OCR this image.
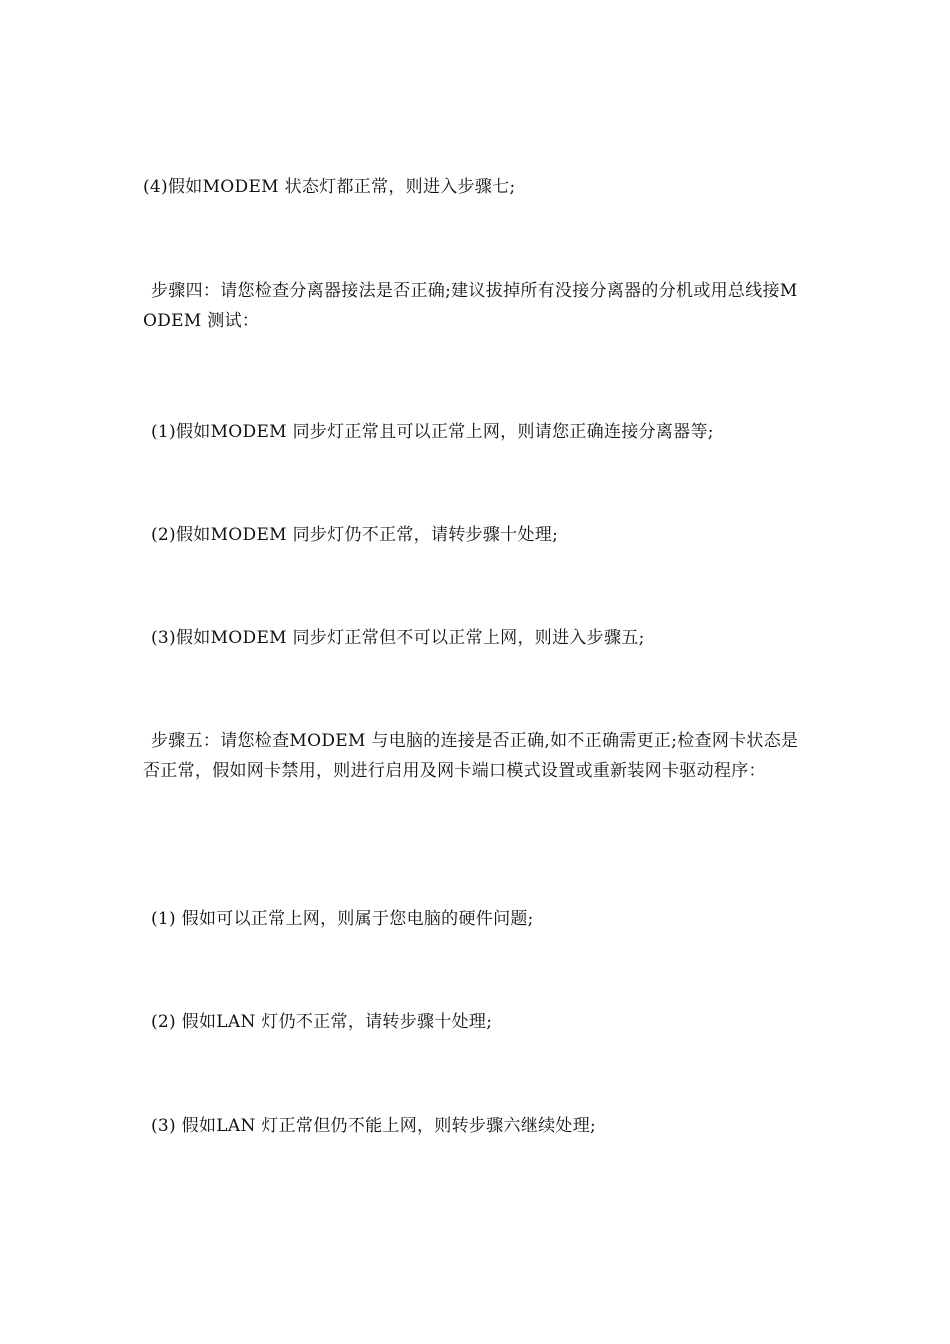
(4)假如MODEM 状态灯都正常，则进入步骤七;

步骤四：请您检查分离器接法是否正确;建议拔掉所有没接分离器的分机或用总线接MODEM 测试：

(1)假如MODEM 同步灯正常且可以正常上网，则请您正确连接分离器等;

(2)假如MODEM 同步灯仍不正常，请转步骤十处理;

(3)假如MODEM 同步灯正常但不可以正常上网，则进入步骤五;

步骤五：请您检查MODEM 与电脑的连接是否正确,如不正确需更正;检查网卡状态是否正常，假如网卡禁用，则进行启用及网卡端口模式设置或重新装网卡驱动程序：

(1) 假如可以正常上网，则属于您电脑的硬件问题;

(2) 假如LAN 灯仍不正常，请转步骤十处理;

(3) 假如LAN 灯正常但仍不能上网，则转步骤六继续处理;
